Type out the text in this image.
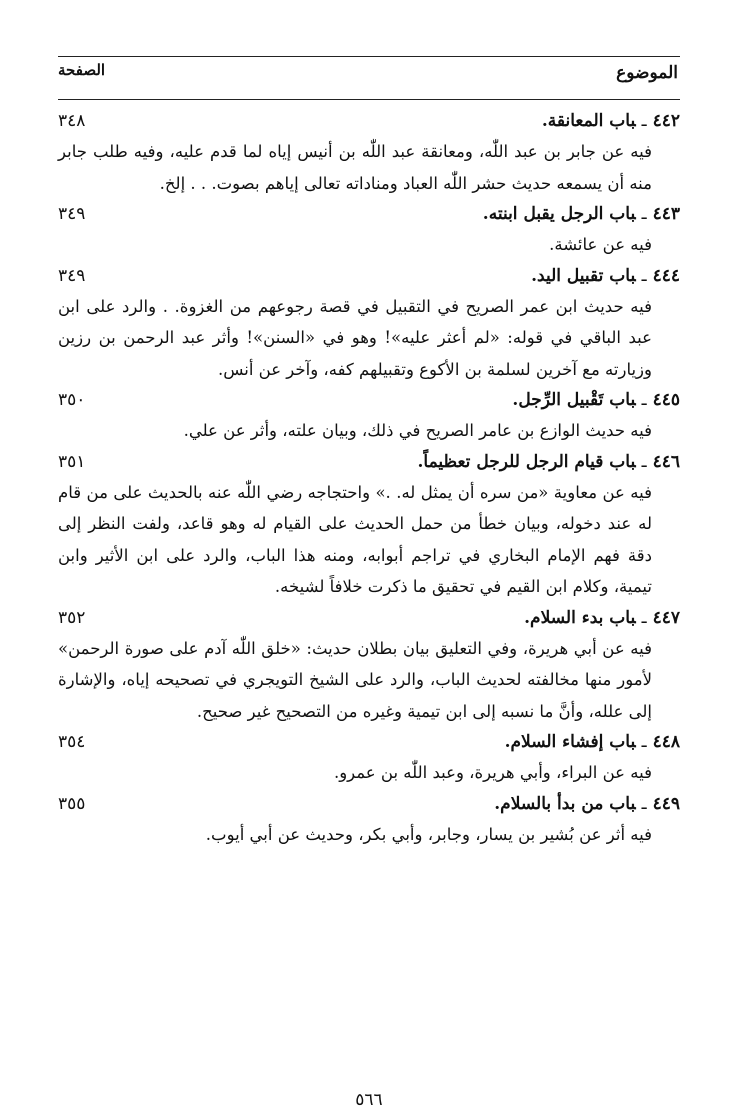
الموضوع
الصفحة
٤٤٢ـباب المعانقة.
٣٤٨
فيه عن جابر بن عبد اللّٰه، ومعانقة عبد اللّٰه بن أنيس إياه لما قدم عليه، وفيه طلب جابر منه أن يسمعه حديث حشر اللّٰه العباد ومناداته تعالى إياهم بصوت. . . إلخ.
٤٤٣ـباب الرجل يقبل ابنته.
٣٤٩
فيه عن عائشة.
٤٤٤ـباب تقبيل اليد.
٣٤٩
فيه حديث ابن عمر الصريح في التقبيل في قصة رجوعهم من الغزوة. . والرد على ابن عبد الباقي في قوله: «لم أعثر عليه»! وهو في «السنن»! وأثر عبد الرحمن بن رزين وزيارته مع آخرين لسلمة بن الأكوع وتقبيلهم كفه، وآخر عن أنس.
٤٤٥ـباب تَقْبيل الرِّجل.
٣٥٠
فيه حديث الوازع بن عامر الصريح في ذلك، وبيان علته، وأثر عن علي.
٤٤٦ـباب قيام الرجل للرجل تعظيماً.
٣٥١
فيه عن معاوية «من سره أن يمثل له. .» واحتجاجه رضي اللّٰه عنه بالحديث على من قام له عند دخوله، وبيان خطأ من حمل الحديث على القيام له وهو قاعد، ولفت النظر إلى دقة فهم الإمام البخاري في تراجم أبوابه، ومنه هذا الباب، والرد على ابن الأثير وابن تيمية، وكلام ابن القيم في تحقيق ما ذكرت خلافاً لشيخه.
٤٤٧ـباب بدء السلام.
٣٥٢
فيه عن أبي هريرة، وفي التعليق بيان بطلان حديث: «خلق اللّٰه آدم على صورة الرحمن» لأمور منها مخالفته لحديث الباب، والرد على الشيخ التويجري في تصحيحه إياه، والإشارة إلى علله، وأنَّ ما نسبه إلى ابن تيمية وغيره من التصحيح غير صحيح.
٤٤٨ـباب إفشاء السلام.
٣٥٤
فيه عن البراء، وأبي هريرة، وعبد اللّٰه بن عمرو.
٤٤٩ـباب من بدأ بالسلام.
٣٥٥
فيه أثر عن بُشير بن يسار، وجابر، وأبي بكر، وحديث عن أبي أيوب.
٥٦٦
